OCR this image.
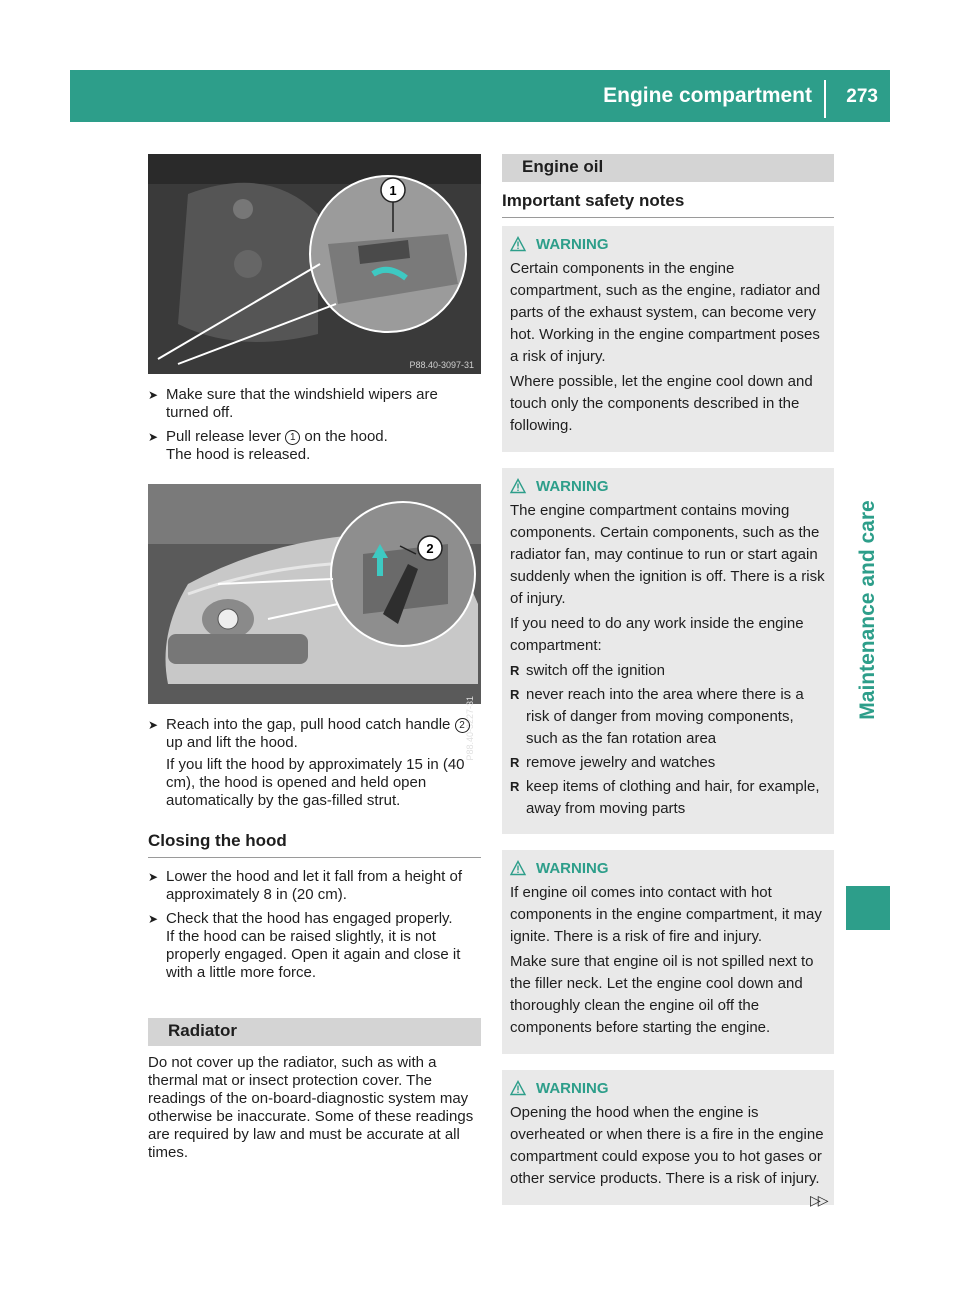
Engine compartment 273
Maintenance and care
1
P88.40-3097-31
➤ Make sure that the windshield wipers are turned off.

➤ Pull release lever 1 on the hood.

The hood is released.

2
P88.40-3227-31
➤ Reach into the gap, pull hood catch handle 2 up and lift the hood.

If you lift the hood by approximately 15 in (40 cm), the hood is opened and held open automatically by the gas-filled strut.

Closing the hood
➤ Lower the hood and let it fall from a height of approximately 8 in (20 cm).

➤ Check that the hood has engaged properly.

If the hood can be raised slightly, it is not properly engaged. Open it again and close it with a little more force.

Radiator

Do not cover up the radiator, such as with a thermal mat or insect protection cover. The readings of the on-board-diagnostic system may otherwise be inaccurate. Some of these readings are required by law and must be accurate at all times.

Engine oil
Important safety notes
WARNING

Certain components in the engine compartment, such as the engine, radiator and parts of the exhaust system, can become very hot. Working in the engine compartment poses a risk of injury.

Where possible, let the engine cool down and touch only the components described in the following.

WARNING

The engine compartment contains moving components. Certain components, such as the radiator fan, may continue to run or start again suddenly when the ignition is off. There is a risk of injury.

If you need to do any work inside the engine compartment:

R switch off the ignition
R never reach into the area where there is a risk of danger from moving components, such as the fan rotation area
R remove jewelry and watches
R keep items of clothing and hair, for example, away from moving parts
WARNING

If engine oil comes into contact with hot components in the engine compartment, it may ignite. There is a risk of fire and injury.

Make sure that engine oil is not spilled next to the filler neck. Let the engine cool down and thoroughly clean the engine oil off the components before starting the engine.

WARNING

Opening the hood when the engine is overheated or when there is a fire in the engine compartment could expose you to hot gases or other service products. There is a risk of injury.

▷▷
